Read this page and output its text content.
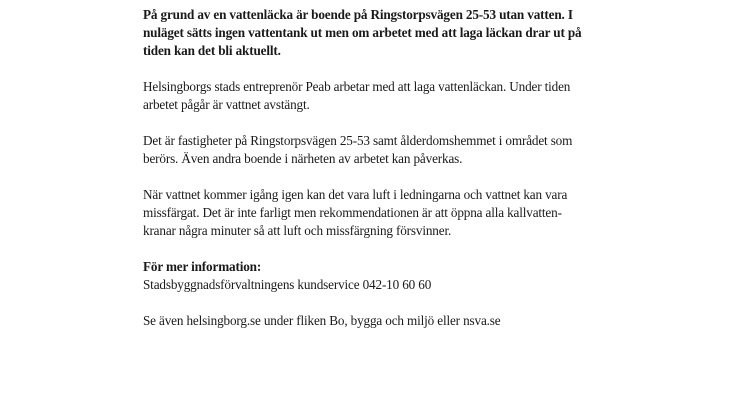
På grund av en vattenläcka är boende på Ringstorpsvägen 25-53 utan vatten. I
nuläget sätts ingen vattentank ut men om arbetet med att laga läckan drar ut på
tiden kan det bli aktuellt.
Helsingborgs stads entreprenör Peab arbetar med att laga vattenläckan. Under tiden
arbetet pågår är vattnet avstängt.
Det är fastigheter på Ringstorpsvägen 25-53 samt ålderdomshemmet i området som
berörs. Även andra boende i närheten av arbetet kan påverkas.
När vattnet kommer igång igen kan det vara luft i ledningarna och vattnet kan vara
missfärgat. Det är inte farligt men rekommendationen är att öppna alla kallvatten-
kranar några minuter så att luft och missfärgning försvinner.
För mer information:
Stadsbyggnadsförvaltningens kundservice 042-10 60 60
Se även helsingborg.se under fliken Bo, bygga och miljö eller nsva.se
